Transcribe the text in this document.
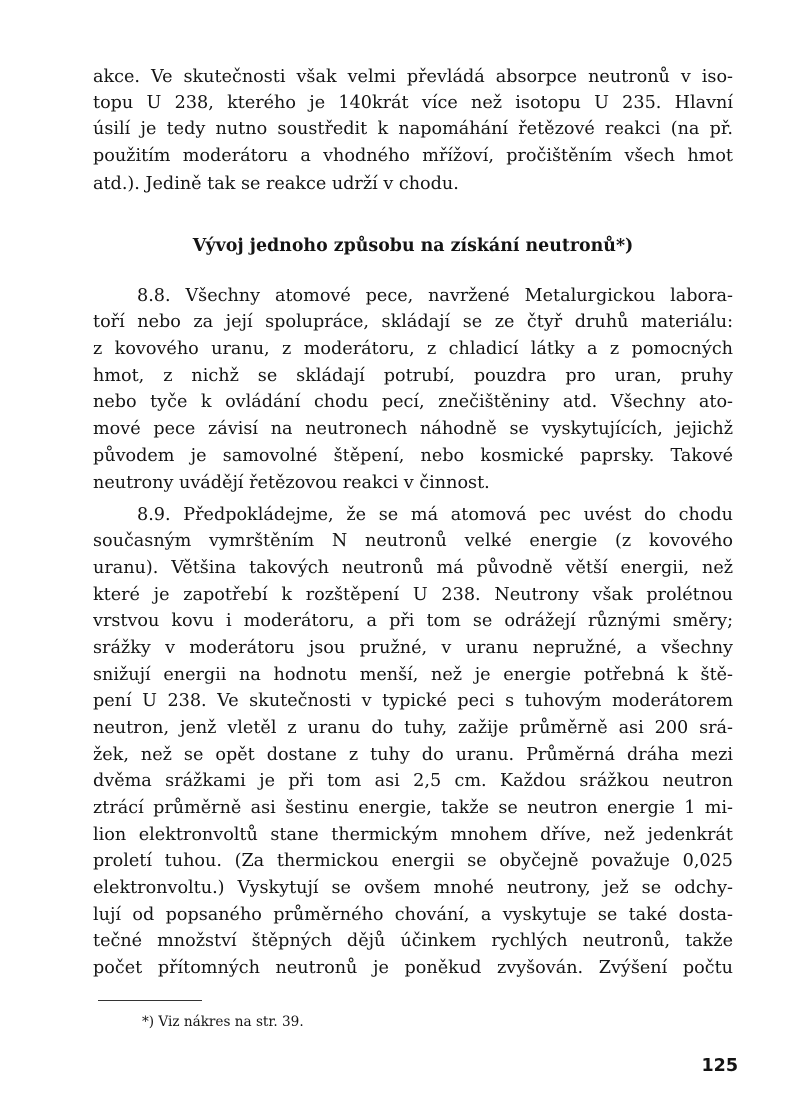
akce. Ve skutečnosti však velmi převládá absorpce neutronů v iso-
topu U 238, kterého je 140krát více než isotopu U 235. Hlavní
úsilí je tedy nutno soustředit k napomáhání řetězové reakci (na př.
použitím moderátoru a vhodného mřížoví, pročištěním všech hmot
atd.). Jedině tak se reakce udrží v chodu.
Vývoj jednoho způsobu na získání neutronů*)
8.8. Všechny atomové pece, navržené Metalurgickou labora-
toří nebo za její spolupráce, skládají se ze čtyř druhů materiálu:
z kovového uranu, z moderátoru, z chladicí látky a z pomocných
hmot, z nichž se skládají potrubí, pouzdra pro uran, pruhy
nebo tyče k ovládání chodu pecí, znečištěniny atd. Všechny ato-
mové pece závisí na neutronech náhodně se vyskytujících, jejichž
původem je samovolné štěpení, nebo kosmické paprsky. Takové
neutrony uvádějí řetězovou reakci v činnost.
8.9. Předpokládejme, že se má atomová pec uvést do chodu
současným vymrštěním N neutronů velké energie (z kovového
uranu). Většina takových neutronů má původně větší energii, než
které je zapotřebí k rozštěpení U 238. Neutrony však prolétnou
vrstvou kovu i moderátoru, a při tom se odrážejí různými směry;
srážky v moderátoru jsou pružné, v uranu nepružné, a všechny
snižují energii na hodnotu menší, než je energie potřebná k ště-
pení U 238. Ve skutečnosti v typické peci s tuhovým moderátorem
neutron, jenž vletěl z uranu do tuhy, zažije průměrně asi 200 srá-
žek, než se opět dostane z tuhy do uranu. Průměrná dráha mezi
dvěma srážkami je při tom asi 2,5 cm. Každou srážkou neutron
ztrácí průměrně asi šestinu energie, takže se neutron energie 1 mi-
lion elektronvoltů stane thermickým mnohem dříve, než jedenkrát
proletí tuhou. (Za thermickou energii se obyčejně považuje 0,025
elektronvoltu.) Vyskytují se ovšem mnohé neutrony, jež se odchy-
lují od popsaného průměrného chování, a vyskytuje se také dosta-
tečné množství štěpných dějů účinkem rychlých neutronů, takže
počet přítomných neutronů je poněkud zvyšován. Zvýšení počtu
*) Viz nákres na str. 39.
125
